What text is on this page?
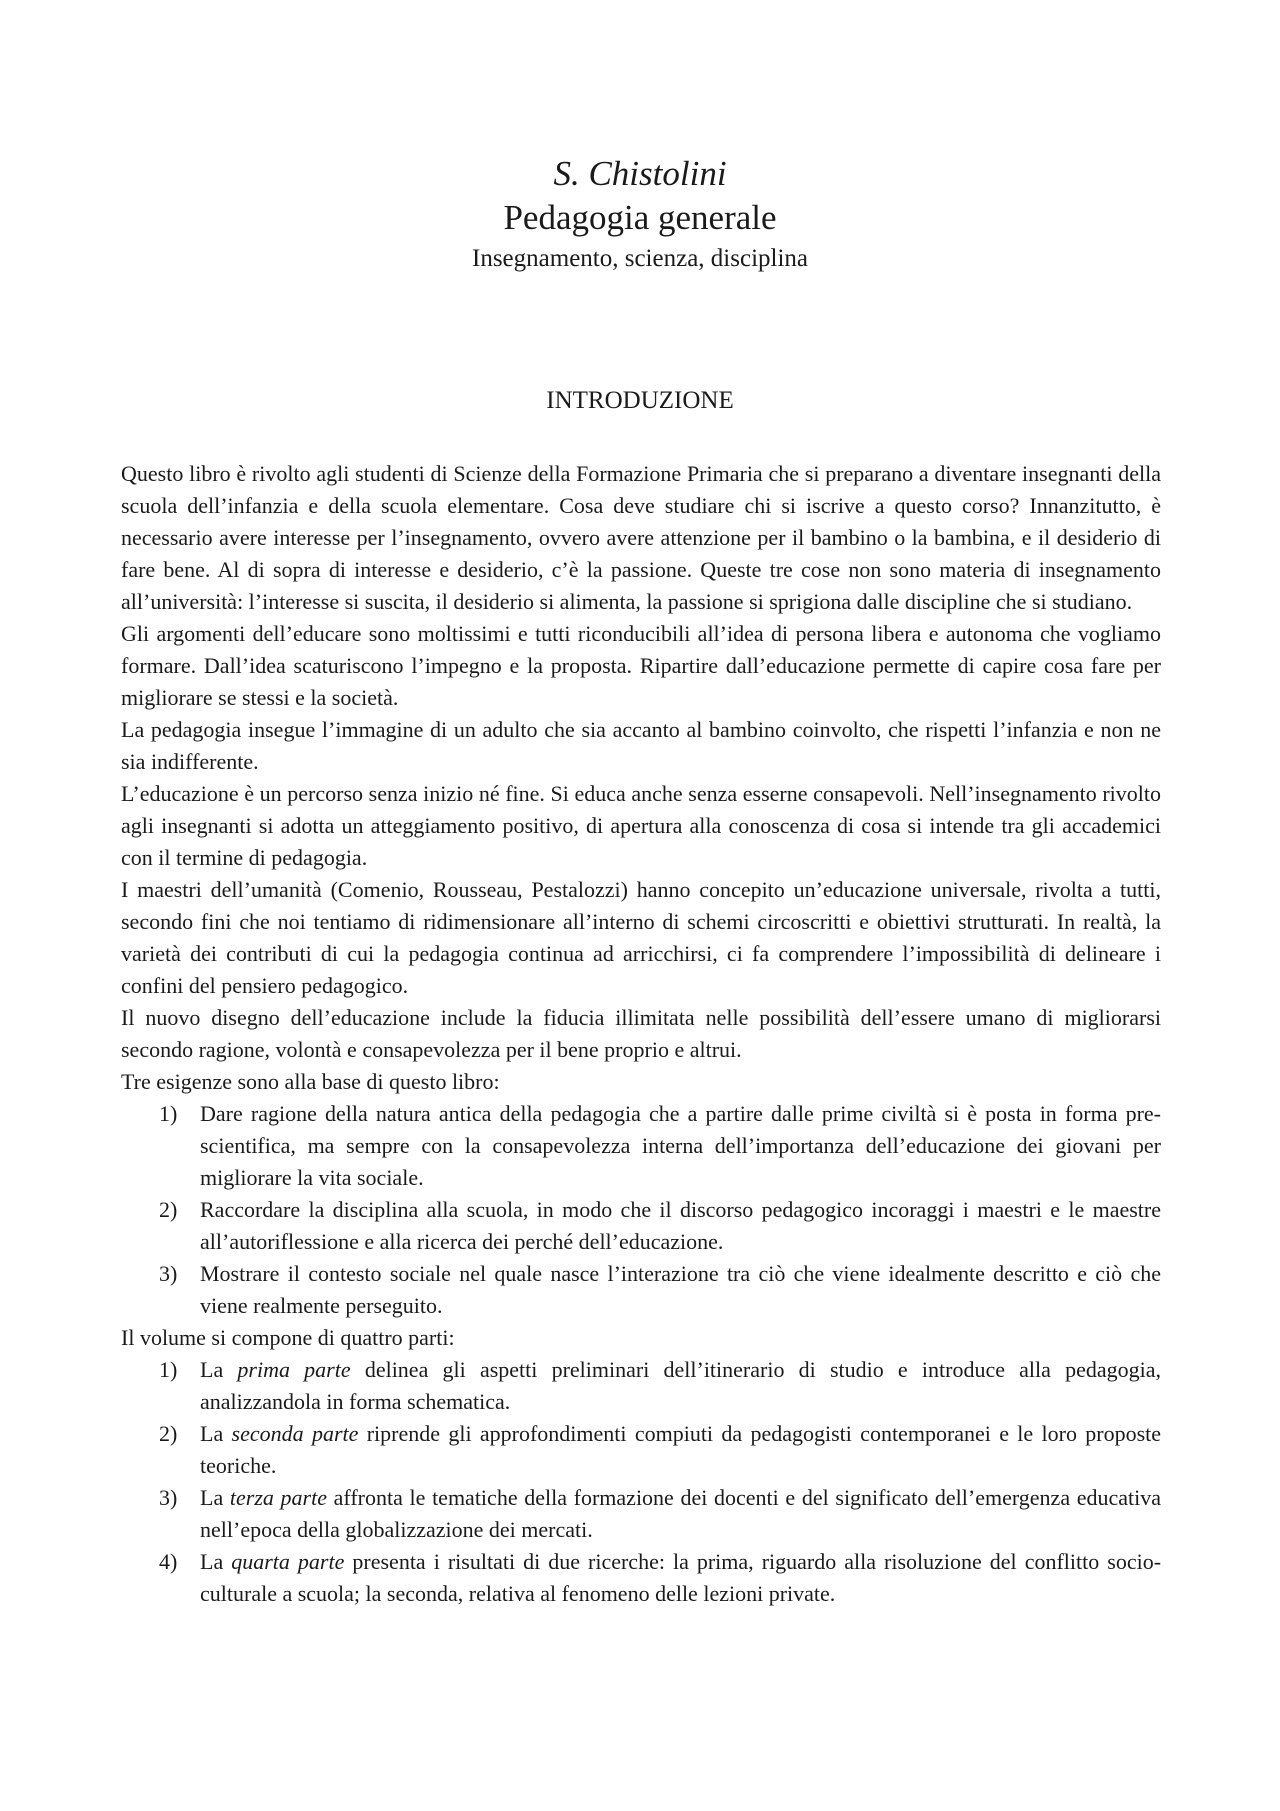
S. Chistolini
Pedagogia generale
Insegnamento, scienza, disciplina
INTRODUZIONE

Questo libro è rivolto agli studenti di Scienze della Formazione Primaria che si preparano a diventare insegnanti della scuola dell’infanzia e della scuola elementare. Cosa deve studiare chi si iscrive a questo corso? Innanzitutto, è necessario avere interesse per l’insegnamento, ovvero avere attenzione per il bambino o la bambina, e il desiderio di fare bene. Al di sopra di interesse e desiderio, c’è la passione. Queste tre cose non sono materia di insegnamento all’università: l’interesse si suscita, il desiderio si alimenta, la passione si sprigiona dalle discipline che si studiano.

Gli argomenti dell’educare sono moltissimi e tutti riconducibili all’idea di persona libera e autonoma che vogliamo formare. Dall’idea scaturiscono l’impegno e la proposta. Ripartire dall’educazione permette di capire cosa fare per migliorare se stessi e la società.

La pedagogia insegue l’immagine di un adulto che sia accanto al bambino coinvolto, che rispetti l’infanzia e non ne sia indifferente.

L’educazione è un percorso senza inizio né fine. Si educa anche senza esserne consapevoli. Nell’insegnamento rivolto agli insegnanti si adotta un atteggiamento positivo, di apertura alla conoscenza di cosa si intende tra gli accademici con il termine di pedagogia.

I maestri dell’umanità (Comenio, Rousseau, Pestalozzi) hanno concepito un’educazione universale, rivolta a tutti, secondo fini che noi tentiamo di ridimensionare all’interno di schemi circoscritti e obiettivi strutturati. In realtà, la varietà dei contributi di cui la pedagogia continua ad arricchirsi, ci fa comprendere l’impossibilità di delineare i confini del pensiero pedagogico.

Il nuovo disegno dell’educazione include la fiducia illimitata nelle possibilità dell’essere umano di migliorarsi secondo ragione, volontà e consapevolezza per il bene proprio e altrui.

Tre esigenze sono alla base di questo libro:

1) Dare ragione della natura antica della pedagogia che a partire dalle prime civiltà si è posta in forma pre-scientifica, ma sempre con la consapevolezza interna dell’importanza dell’educazione dei giovani per migliorare la vita sociale.
2) Raccordare la disciplina alla scuola, in modo che il discorso pedagogico incoraggi i maestri e le maestre all’autoriflessione e alla ricerca dei perché dell’educazione.
3) Mostrare il contesto sociale nel quale nasce l’interazione tra ciò che viene idealmente descritto e ciò che viene realmente perseguito.

Il volume si compone di quattro parti:

1) La prima parte delinea gli aspetti preliminari dell’itinerario di studio e introduce alla pedagogia, analizzandola in forma schematica.
2) La seconda parte riprende gli approfondimenti compiuti da pedagogisti contemporanei e le loro proposte teoriche.
3) La terza parte affronta le tematiche della formazione dei docenti e del significato dell’emergenza educativa nell’epoca della globalizzazione dei mercati.
4) La quarta parte presenta i risultati di due ricerche: la prima, riguardo alla risoluzione del conflitto socio-culturale a scuola; la seconda, relativa al fenomeno delle lezioni private.
